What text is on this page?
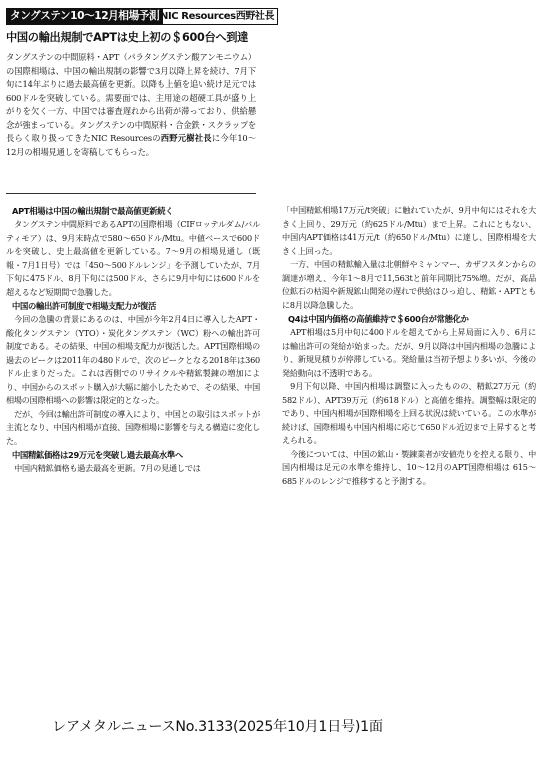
タングステン10～12月相場予測 NIC Resources西野社長
中国の輸出規制でAPTは史上初の＄600台へ到達

タングステンの中間原料・APT（パラタングステン酸アンモニウム）の国際相場は、中国の輸出規制の影響で3月以降上昇を続け、7月下旬に14年ぶりに過去最高値を更新。以降も上値を追い続け足元では600ドルを突破している。需要面では、主用途の超硬工具が盛り上がりを欠く一方、中国では審査遅れから出荷が滞っており、供給懸念が強まっている。タングステンの中間原料・合金鉄・スクラップを長らく取り扱ってきたNIC Resourcesの西野元樹社長に今年10～12月の相場見通しを寄稿してもらった。

APT相場は中国の輸出規制で最高値更新続く

タングステン中間原料であるAPTの国際相場（CIFロッテルダム/バルティモア）は、9月末時点で580～650ドル/Mtu。中値ベースで600ドルを突破し、史上最高値を更新している。7～9月の相場見通し（既報・7月1日号）では「450～500ドルレンジ」を予測していたが、7月下旬に475ドル、8月下旬には500ドル、さらに9月中旬には600ドルを超えるなど短期間で急騰した。

中国の輸出許可制度で相場支配力が復活

今回の急騰の背景にあるのは、中国が今年2月4日に導入したAPT・酸化タングステン（YTO）・炭化タングステン（WC）粉への輸出許可制度である。その結果、中国の相場支配力が復活した。APT国際相場の過去のピークは2011年の480ドルで、次のピークとなる2018年は360ドル止まりだった。これは西側でのリサイクルや精鉱製錬の増加により、中国からのスポット購入が大幅に縮小したためで、その結果、中国相場の国際相場への影響は限定的となった。

だが、今回は輸出許可制度の導入により、中国との取引はスポットが主流となり、中国内相場が直接、国際相場に影響を与える構造に変化した。

中国精鉱価格は29万元を突破し過去最高水準へ

中国内精鉱価格も過去最高を更新。7月の見通しでは

「中国精鉱相場17万元/t突破」に触れていたが、9月中旬にはそれを大きく上回り、29万元（約625ドル/Mtu）まで上昇。これにともない、中国内APT価格は41万元/t（約650ドル/Mtu）に達し、国際相場を大きく上回った。

一方、中国の精鉱輸入量は北朝鮮やミャンマー、カザフスタンからの調達が増え、今年1～8月で11,563tと前年同期比75%増。だが、高品位鉱石の枯渇や新規鉱山開発の遅れで供給はひっ迫し、精鉱・APTともに8月以降急騰した。

Q4は中国内価格の高値維持で＄600台が常態化か

APT相場は5月中旬に400ドルを超えてから上昇局面に入り、6月には輸出許可の発給が始まった。だが、9月以降は中国内相場の急騰により、新規見積りが停滞している。発給量は当初予想より多いが、今後の発給動向は不透明である。

9月下旬以降、中国内相場は調整に入ったものの、精鉱27万元（約582ドル）、APT39万元（約618ドル）と高値を維持。調整幅は限定的であり、中国内相場が国際相場を上回る状況は続いている。この水準が続けば、国際相場も中国内相場に応じて650ドル近辺まで上昇すると考えられる。

今後については、中国の鉱山・製錬業者が安値売りを控える限り、中国内相場は足元の水準を維持し、10～12月のAPT国際相場は 615～685ドルのレンジで推移すると予測する。

レアメタルニュースNo.3133(2025年10月1日号)1面
